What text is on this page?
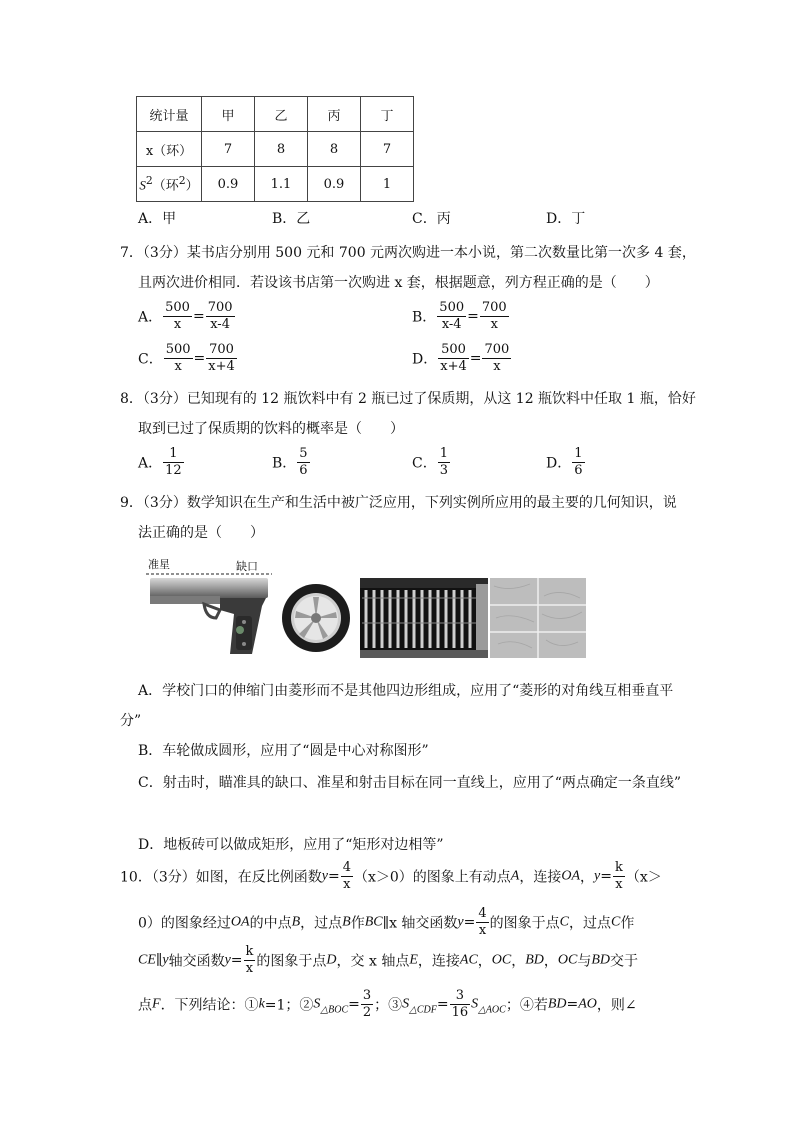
统计量	甲	乙	丙	丁
x（环）	7	8	8	7
$S^2$（环$^2$）	0.9	1.1	0.9	1
A．甲	B．乙	C．丙	D．丁
7．（3分）某书店分别用 500 元和 700 元两次购进一本小说，第二次数量比第一次多 4 套，
且两次进价相同．若设该书店第一次购进 x 套，根据题意，列方程正确的是（　　）
A． $\frac{500}{x} = \frac{700}{x-4}$	B． $\frac{500}{x-4} = \frac{700}{x}$
C． $\frac{500}{x} = \frac{700}{x+4}$	D． $\frac{500}{x+4} = \frac{700}{x}$
8．（3分）已知现有的 12 瓶饮料中有 2 瓶已过了保质期，从这 12 瓶饮料中任取 1 瓶，恰好
取到已过了保质期的饮料的概率是（　　）
A． $\frac{1}{12}$	B． $\frac{5}{6}$	C． $\frac{1}{3}$	D． $\frac{1}{6}$
9．（3分）数学知识在生产和生活中被广泛应用，下列实例所应用的最主要的几何知识，说
法正确的是（　　）
准星	缺口
A．学校门口的伸缩门由菱形而不是其他四边形组成，应用了“菱形的对角线互相垂直平
分”
B．车轮做成圆形，应用了“圆是中心对称图形”
C．射击时，瞄准具的缺口、准星和射击目标在同一直线上，应用了“两点确定一条直线”
D．地板砖可以做成矩形，应用了“矩形对边相等”
10．（3分）如图，在反比例函数$y= \frac{4}{x} (x>0)$的图象上有动点A，连接OA，$y= \frac{k}{x} (x>$
0）的图象经过OA的中点B，过点B作BC∥x 轴交函数$y= \frac{4}{x}$ 的图象于点C，过点C作
CE∥y轴交函数$y= \frac{k}{x}$ 的图象于点D，交 x 轴点E，连接AC，OC，BD，OC与BD交于
点F．下列结论：①k=1；$②S_{\triangle BOC}= \frac{3}{2}$ ；$③S_{\triangle CDF}= \frac{3}{16} S_{\triangle AOC}$；④若BD=AO，则∠
